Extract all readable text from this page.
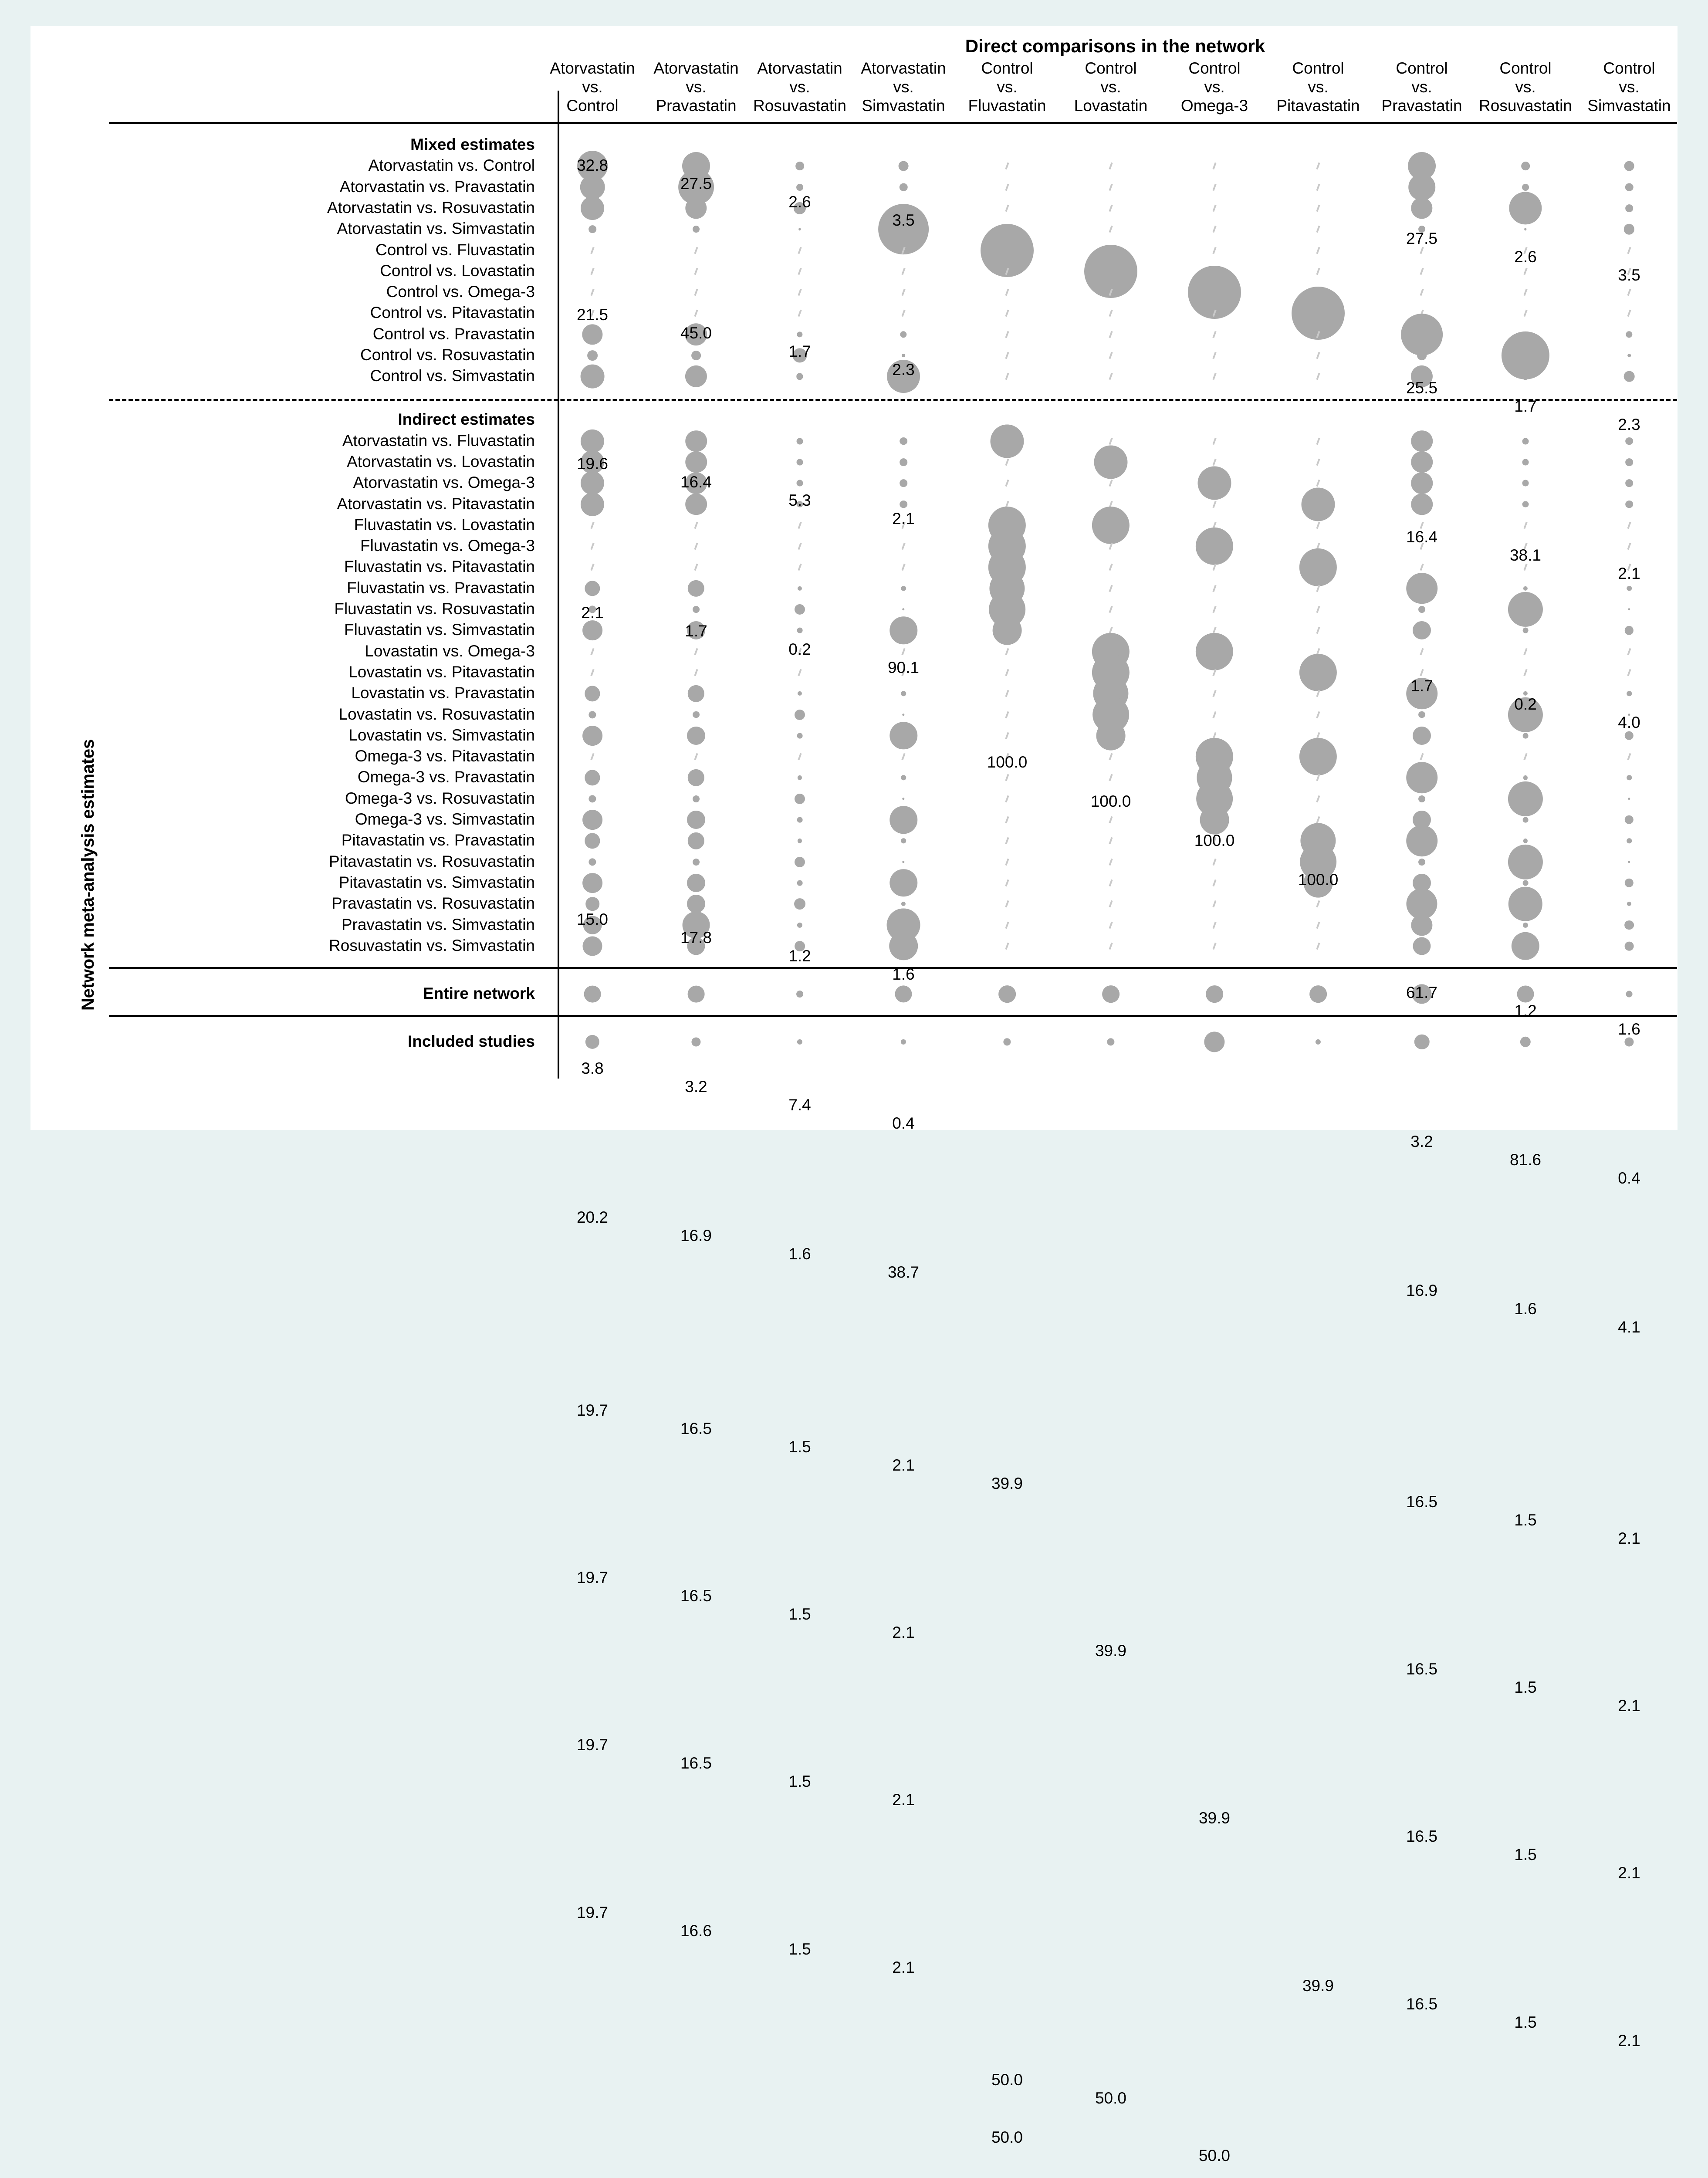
Direct comparisons in the network
Network meta-analysis estimates
Atorvastatin
vs.
Control
Atorvastatin
vs.
Pravastatin
Atorvastatin
vs.
Rosuvastatin
Atorvastatin
vs.
Simvastatin
Control
vs.
Fluvastatin
Control
vs.
Lovastatin
Control
vs.
Omega-3
Control
vs.
Pitavastatin
Control
vs.
Pravastatin
Control
vs.
Rosuvastatin
Control
vs.
Simvastatin
Mixed estimates
Atorvastatin vs. Control	32.8
27.5
2.6
3.5
27.5
2.6
3.5
Atorvastatin vs. Pravastatin
21.5
45.0
1.7
2.3
25.5
1.7
2.3
Atorvastatin vs. Rosuvastatin
19.6
16.4
5.3
2.1
16.4
38.1
2.1
Atorvastatin vs. Simvastatin
2.1
1.7
0.2
90.1
1.7
0.2
4.0
Control vs. Fluvastatin
100.0
Control vs. Lovastatin
100.0
Control vs. Omega-3
100.0
Control vs. Pitavastatin
100.0
Control vs. Pravastatin
15.0
17.8
1.2
1.6
61.7
1.2
1.6
Control vs. Rosuvastatin
3.8
3.2
7.4
0.4
3.2
81.6
0.4
Control vs. Simvastatin
20.2
16.9
1.6
38.7
16.9
1.6
4.1
Indirect estimates
Atorvastatin vs. Fluvastatin
19.7
16.5
1.5
2.1
39.9
16.5
1.5
2.1
Atorvastatin vs. Lovastatin
19.7
16.5
1.5
2.1
39.9
16.5
1.5
2.1
Atorvastatin vs. Omega-3
19.7
16.5
1.5
2.1
39.9
16.5
1.5
2.1
Atorvastatin vs. Pitavastatin
19.7
16.6
1.5
2.1
39.9
16.5
1.5
2.1
Fluvastatin vs. Lovastatin
50.0
50.0
Fluvastatin vs. Omega-3
50.0
50.0
Fluvastatin vs. Pitavastatin
Fluvastatin vs. Pravastatin
Fluvastatin vs. Rosuvastatin
Fluvastatin vs. Simvastatin
Lovastatin vs. Omega-3
Lovastatin vs. Pitavastatin
Lovastatin vs. Pravastatin
Lovastatin vs. Rosuvastatin
Lovastatin vs. Simvastatin
Omega-3 vs. Pitavastatin
Omega-3 vs. Pravastatin
Omega-3 vs. Rosuvastatin
Omega-3 vs. Simvastatin
Pitavastatin vs. Pravastatin
Pitavastatin vs. Rosuvastatin
Pitavastatin vs. Simvastatin
Pravastatin vs. Rosuvastatin
Pravastatin vs. Simvastatin
Rosuvastatin vs. Simvastatin
Entire network
Included studies
